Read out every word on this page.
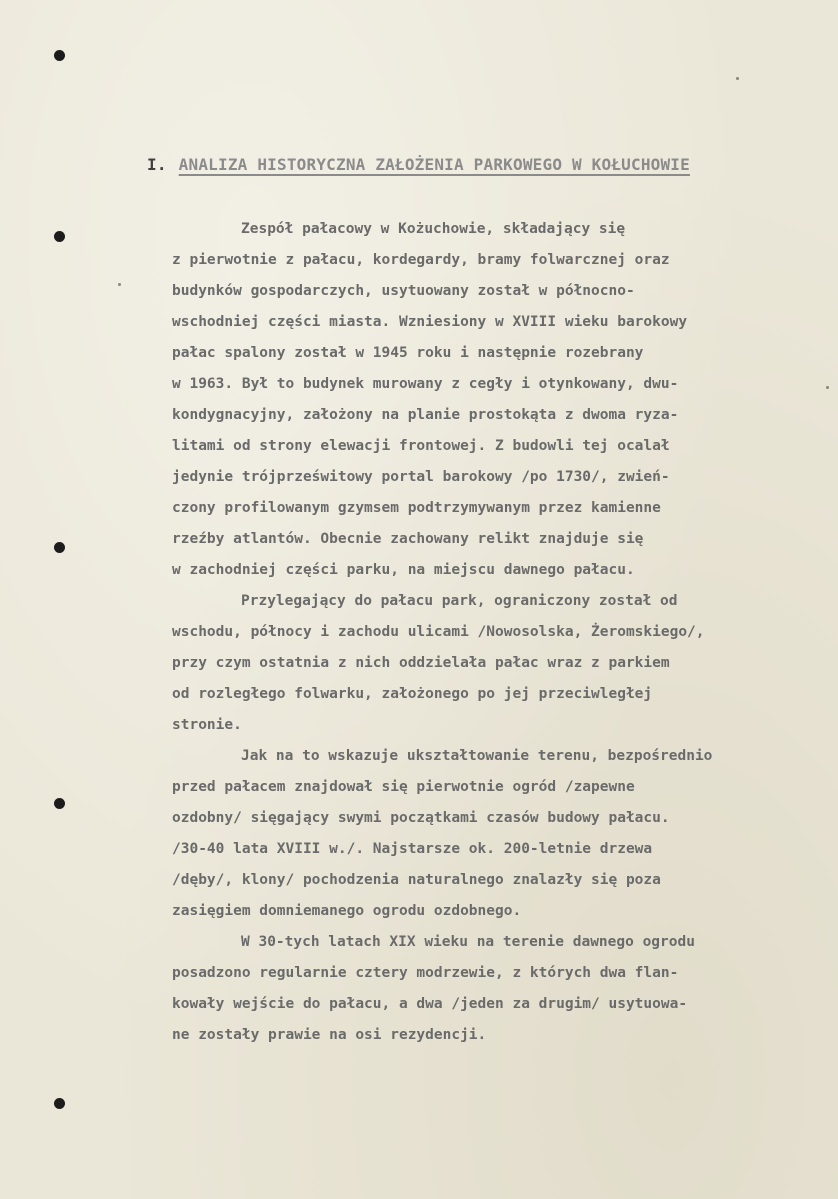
I. ANALIZA HISTORYCZNA ZAŁOŻENIA PARKOWEGO W KOŁUCHOWIE
Zespół pałacowy w Kożuchowie, składający się
z pierwotnie z pałacu, kordegardy, bramy folwarcznej oraz
budynków gospodarczych, usytuowany został w północno-
wschodniej części miasta. Wzniesiony w XVIII wieku barokowy
pałac spalony został w 1945 roku i następnie rozebrany
w 1963. Był to budynek murowany z cegły i otynkowany, dwu-
kondygnacyjny, założony na planie prostokąta z dwoma ryza-
litami od strony elewacji frontowej. Z budowli tej ocalał
jedynie trójprześwitowy portal barokowy /po 1730/, zwień-
czony profilowanym gzymsem podtrzymywanym przez kamienne
rzeźby atlantów. Obecnie zachowany relikt znajduje się
w zachodniej części parku, na miejscu dawnego pałacu.
Przylegający do pałacu park, ograniczony został od
wschodu, północy i zachodu ulicami /Nowosolska, Żeromskiego/,
przy czym ostatnia z nich oddzielała pałac wraz z parkiem
od rozległego folwarku, założonego po jej przeciwległej
stronie.
Jak na to wskazuje ukształtowanie terenu, bezpośrednio
przed pałacem znajdował się pierwotnie ogród /zapewne
ozdobny/ sięgający swymi początkami czasów budowy pałacu.
/30-40 lata XVIII w./. Najstarsze ok. 200-letnie drzewa
/dęby/, klony/ pochodzenia naturalnego znalazły się poza
zasięgiem domniemanego ogrodu ozdobnego.
W 30-tych latach XIX wieku na terenie dawnego ogrodu
posadzono regularnie cztery modrzewie, z których dwa flan-
kowały wejście do pałacu, a dwa /jeden za drugim/ usytuowa-
ne zostały prawie na osi rezydencji.
